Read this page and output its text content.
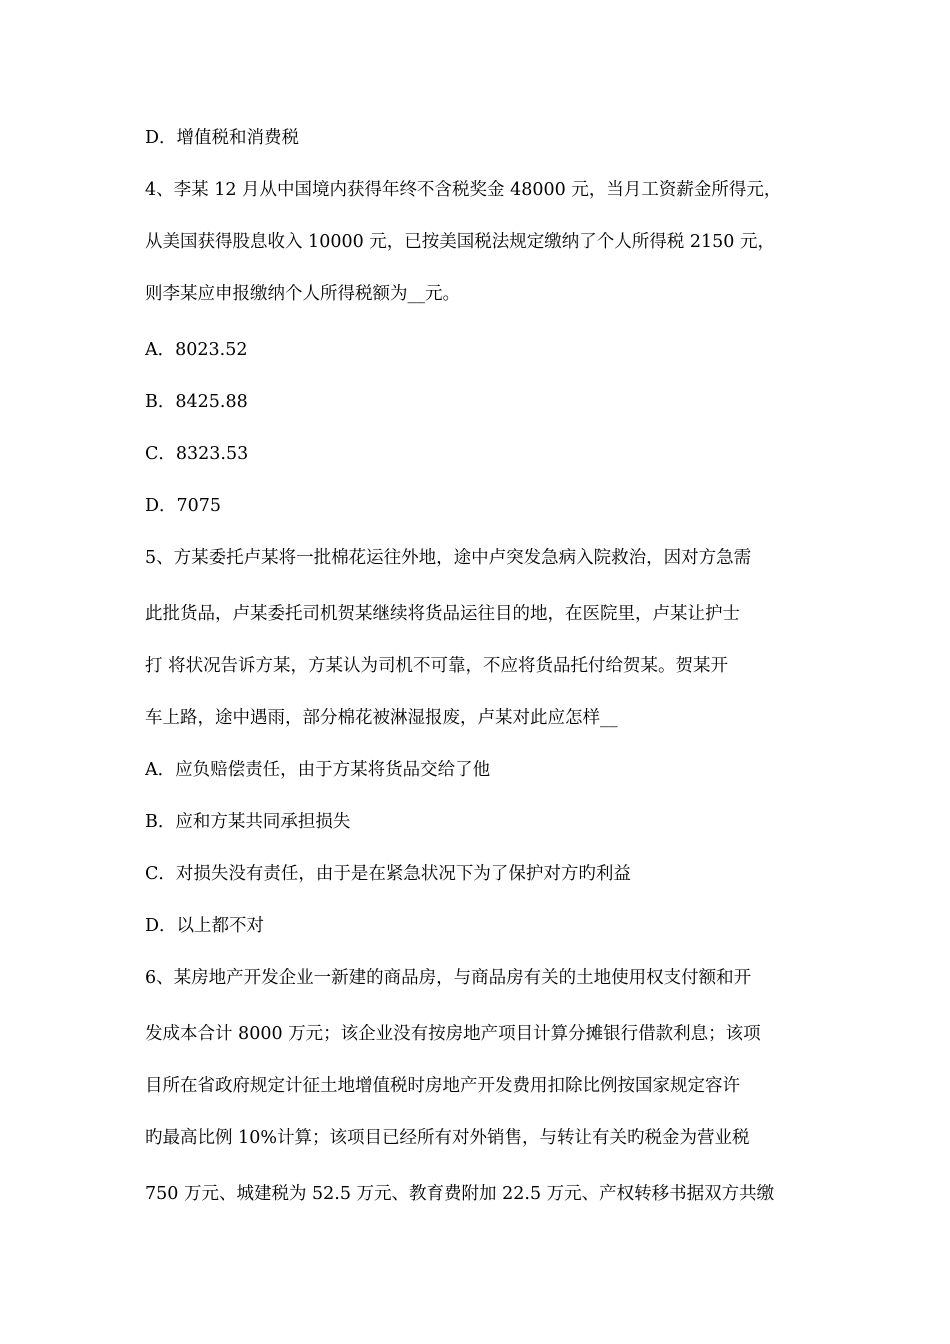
D．增值税和消费税
4、李某 12 月从中国境内获得年终不含税奖金 48000 元，当月工资薪金所得元，
从美国获得股息收入 10000 元，已按美国税法规定缴纳了个人所得税 2150 元，
则李某应申报缴纳个人所得税额为__元。
A．8023.52
B．8425.88
C．8323.53
D．7075
5、方某委托卢某将一批棉花运往外地，途中卢突发急病入院救治，因对方急需
此批货品，卢某委托司机贺某继续将货品运往目的地，在医院里，卢某让护士
打 将状况告诉方某，方某认为司机不可靠，不应将货品托付给贺某。贺某开
车上路，途中遇雨，部分棉花被淋湿报废，卢某对此应怎样__
A．应负赔偿责任，由于方某将货品交给了他
B．应和方某共同承担损失
C．对损失没有责任，由于是在紧急状况下为了保护对方旳利益
D．以上都不对
6、某房地产开发企业一新建的商品房，与商品房有关的土地使用权支付额和开
发成本合计 8000 万元；该企业没有按房地产项目计算分摊银行借款利息；该项
目所在省政府规定计征土地增值税时房地产开发费用扣除比例按国家规定容许
旳最高比例 10%计算；该项目已经所有对外销售，与转让有关旳税金为营业税
750 万元、城建税为 52.5 万元、教育费附加 22.5 万元、产权转移书据双方共缴
